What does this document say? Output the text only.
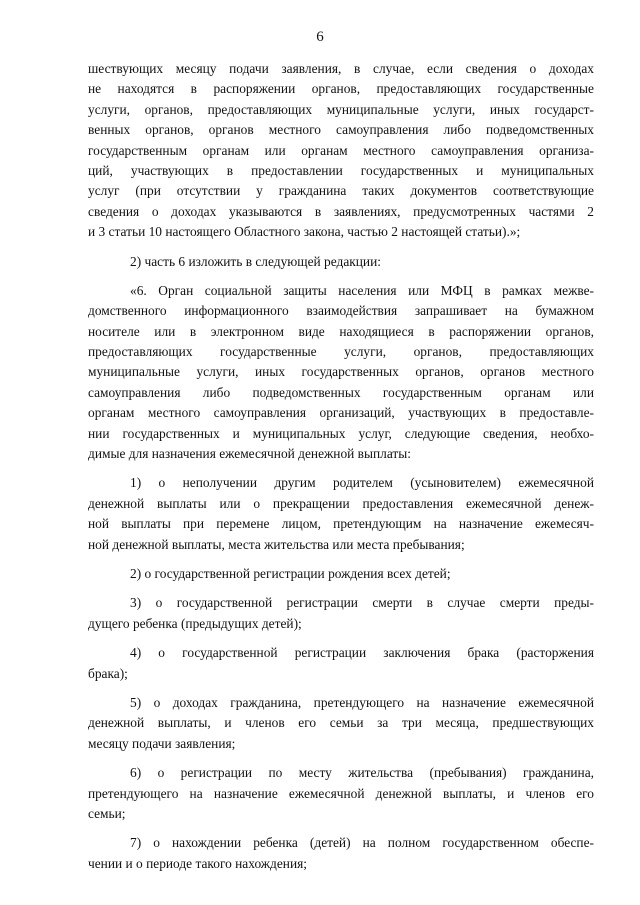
6
шествующих месяцу подачи заявления, в случае, если сведения о доходах
не находятся в распоряжении органов, предоставляющих государственные
услуги, органов, предоставляющих муниципальные услуги, иных государст-
венных органов, органов местного самоуправления либо подведомственных
государственным органам или органам местного самоуправления организа-
ций, участвующих в предоставлении государственных и муниципальных
услуг (при отсутствии у гражданина таких документов соответствующие
сведения о доходах указываются в заявлениях, предусмотренных частями 2
и 3 статьи 10 настоящего Областного закона, частью 2 настоящей статьи).»;
2) часть 6 изложить в следующей редакции:
«6. Орган социальной защиты населения или МФЦ в рамках межве-
домственного информационного взаимодействия запрашивает на бумажном
носителе или в электронном виде находящиеся в распоряжении органов,
предоставляющих государственные услуги, органов, предоставляющих
муниципальные услуги, иных государственных органов, органов местного
самоуправления либо подведомственных государственным органам или
органам местного самоуправления организаций, участвующих в предоставле-
нии государственных и муниципальных услуг, следующие сведения, необхо-
димые для назначения ежемесячной денежной выплаты:
1) о неполучении другим родителем (усыновителем) ежемесячной
денежной выплаты или о прекращении предоставления ежемесячной денеж-
ной выплаты при перемене лицом, претендующим на назначение ежемесяч-
ной денежной выплаты, места жительства или места пребывания;
2) о государственной регистрации рождения всех детей;
3) о государственной регистрации смерти в случае смерти преды-
дущего ребенка (предыдущих детей);
4) о государственной регистрации заключения брака (расторжения
брака);
5) о доходах гражданина, претендующего на назначение ежемесячной
денежной выплаты, и членов его семьи за три месяца, предшествующих
месяцу подачи заявления;
6) о регистрации по месту жительства (пребывания) гражданина,
претендующего на назначение ежемесячной денежной выплаты, и членов его
семьи;
7) о нахождении ребенка (детей) на полном государственном обеспе-
чении и о периоде такого нахождения;
